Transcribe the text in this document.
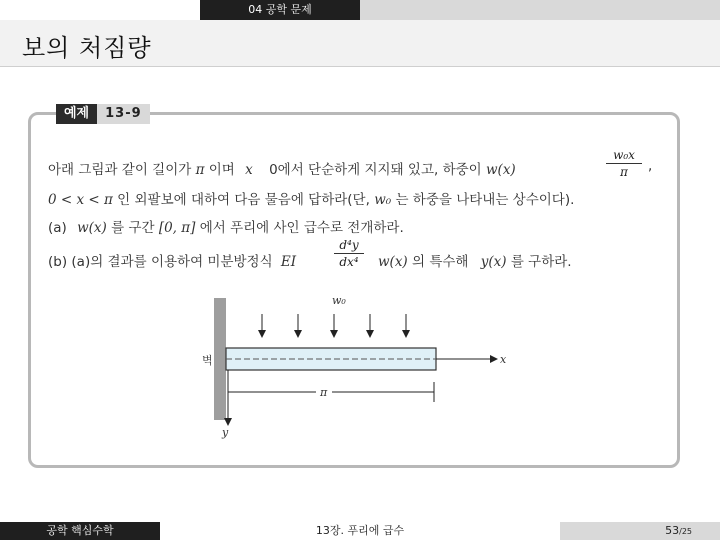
04 공학 문제
보의 처짐량
예제	13-9
아래 그림과 같이 길이가 π 이며 x 0에서 단순하게 지지돼 있고, 하중이 w(x)
w₀x
π	,
0 < x < π 인 외팔보에 대하여 다음 물음에 답하라(단, w₀ 는 하중을 나타내는 상수이다).
(a) w(x) 를 구간 [0, π] 에서 푸리에 사인 급수로 전개하라.
(b) (a)의 결과를 이용하여 미분방정식 EI
d⁴y
dx⁴	w(x) 의 특수해 y(x) 를 구하라.
벽	x
w₀
π
y
공학 핵심수학	13장. 푸리에 급수	53/25
